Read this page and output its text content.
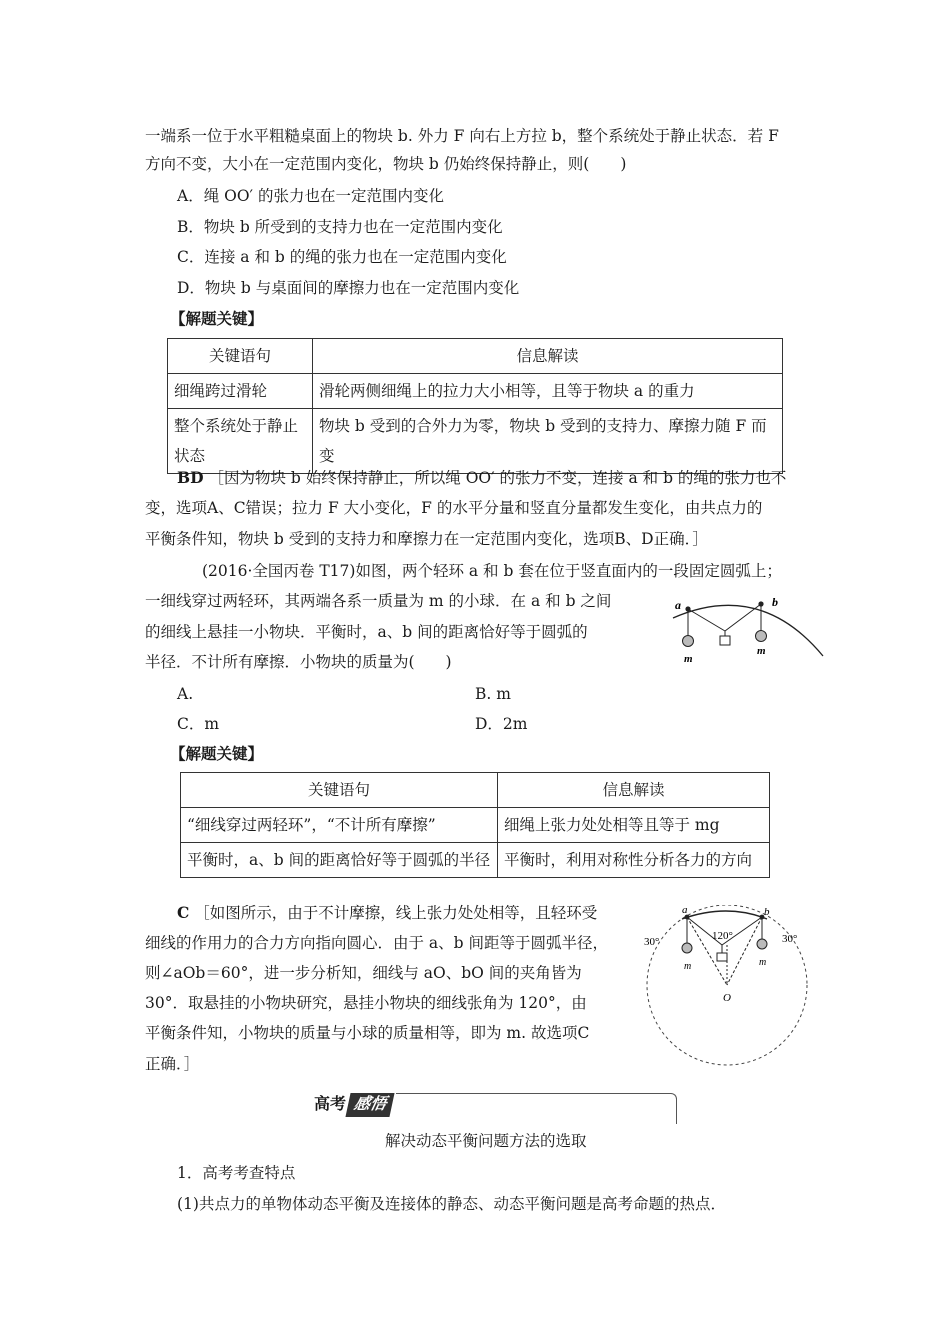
一端系一位于水平粗糙桌面上的物块 b. 外力 F 向右上方拉 b，整个系统处于静止状态．若 F
方向不变，大小在一定范围内变化，物块 b 仍始终保持静止，则(　　)
A．绳 OO′ 的张力也在一定范围内变化
B．物块 b 所受到的支持力也在一定范围内变化
C．连接 a 和 b 的绳的张力也在一定范围内变化
D．物块 b 与桌面间的摩擦力也在一定范围内变化
【解题关键】
关键语句	信息解读
细绳跨过滑轮	滑轮两侧细绳上的拉力大小相等，且等于物块 a 的重力
整个系统处于静止状态	物块 b 受到的合外力为零，物块 b 受到的支持力、摩擦力随 F 而变
BD ［因为物块 b 始终保持静止，所以绳 OO′ 的张力不变，连接 a 和 b 的绳的张力也不
变，选项A、C错误；拉力 F 大小变化，F 的水平分量和竖直分量都发生变化，由共点力的
平衡条件知，物块 b 受到的支持力和摩擦力在一定范围内变化，选项B、D正确．］
(2016·全国丙卷 T17)如图，两个轻环 a 和 b 套在位于竖直面内的一段固定圆弧上；
一细线穿过两轻环，其两端各系一质量为 m 的小球．在 a 和 b 之间
的细线上悬挂一小物块．平衡时，a、b 间的距离恰好等于圆弧的
半径．不计所有摩擦．小物块的质量为(　　)
a	b
m
m
A.	B. m
C．m	D．2m
【解题关键】
关键语句	信息解读
“细线穿过两轻环”，“不计所有摩擦”	细绳上张力处处相等且等于 mg
平衡时，a、b 间的距离恰好等于圆弧的半径	平衡时，利用对称性分析各力的方向
C ［如图所示，由于不计摩擦，线上张力处处相等，且轻环受
细线的作用力的合力方向指向圆心．由于 a、b 间距等于圆弧半径，
则∠aOb＝60°，进一步分析知，细线与 aO、bO 间的夹角皆为
30°．取悬挂的小物块研究，悬挂小物块的细线张角为 120°，由
平衡条件知，小物块的质量与小球的质量相等，即为 m. 故选项C
正确．］
a	b
30°	30°
120°
m	m
O
高考 感悟
解决动态平衡问题方法的选取
1．高考考查特点
(1)共点力的单物体动态平衡及连接体的静态、动态平衡问题是高考命题的热点．
